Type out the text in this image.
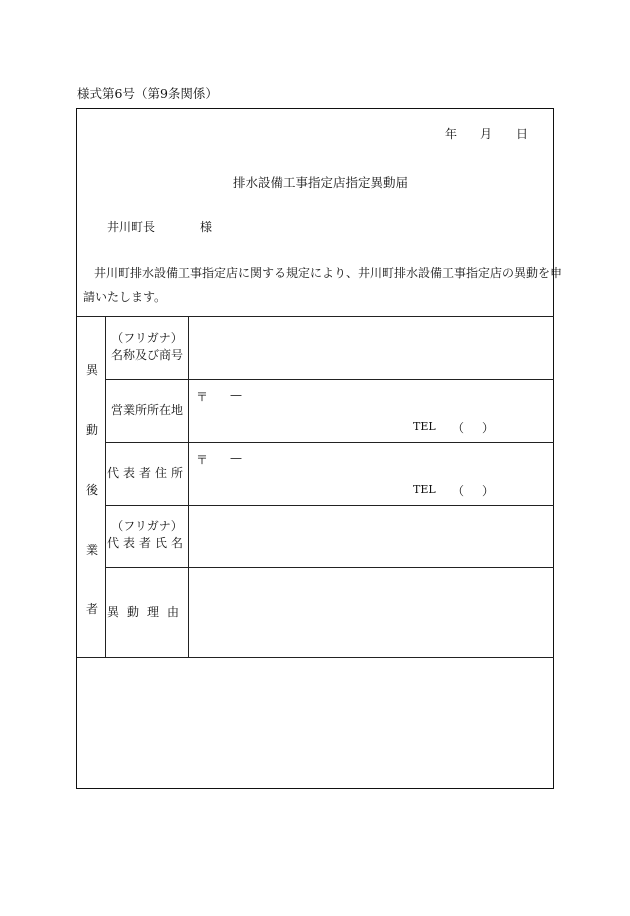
様式第6号（第9条関係）
年 月 日
排水設備工事指定店指定異動届
井川町長	様
井川町排水設備工事指定店に関する規定により、井川町排水設備工事指定店の異動を申
請いたします。
異
動
後
業
者
（フリガナ）
名称及び商号
営業所所在地
〒 —
TEL （ ）
代表者住所
〒 —
TEL （ ）
（フリガナ）
代表者氏名
異動理由
